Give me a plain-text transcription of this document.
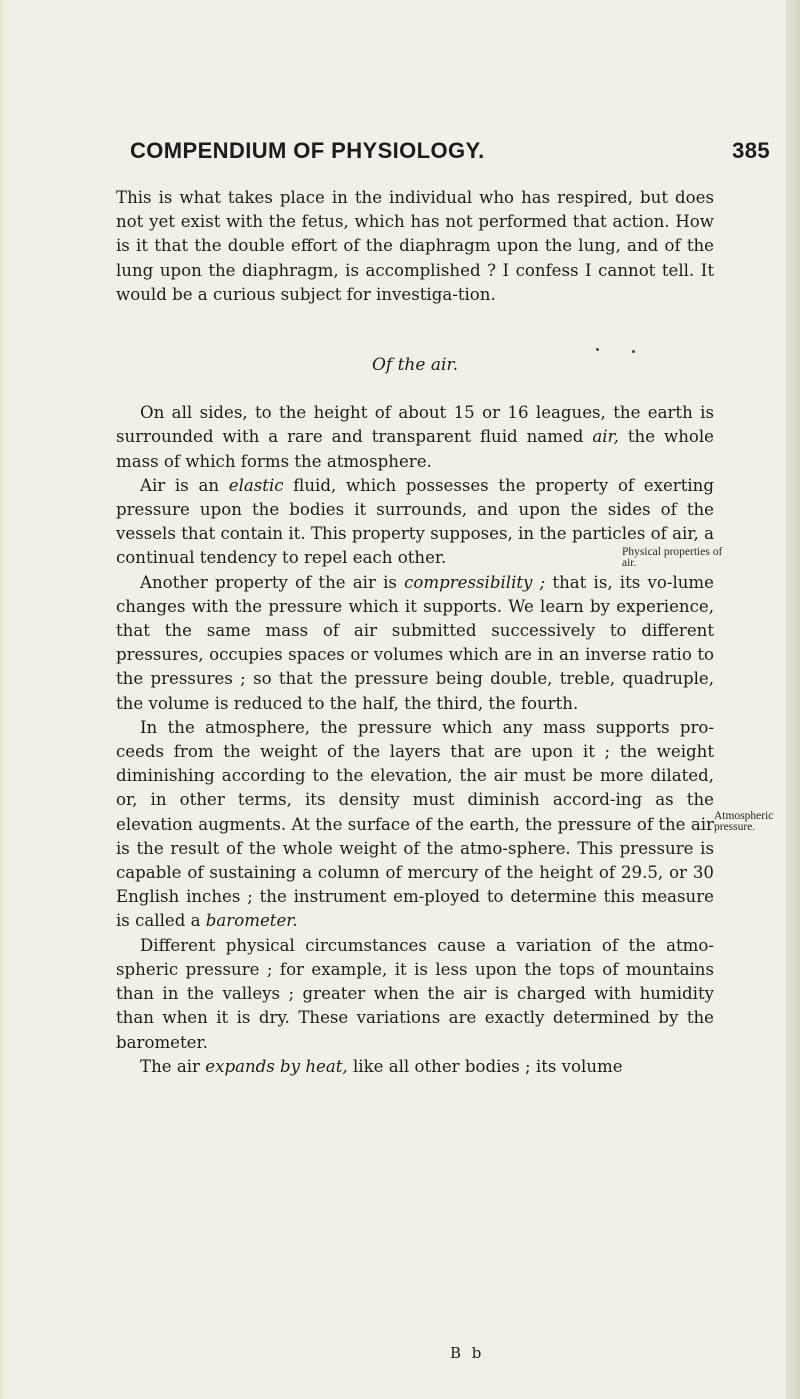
COMPENDIUM OF PHYSIOLOGY.	385

This is what takes place in the individual who has respired, but does not yet exist with the fetus, which has not performed that action. How is it that the double effort of the diaphragm upon the lung, and of the lung upon the diaphragm, is accomplished ? I confess I cannot tell. It would be a curious subject for investiga-tion.

Of the air.

On all sides, to the height of about 15 or 16 leagues, the earth is surrounded with a rare and transparent fluid named air, the whole mass of which forms the atmosphere.

Air is an elastic fluid, which possesses the property of exerting pressure upon the bodies it surrounds, and upon the sides of the vessels that contain it. This property supposes, in the particles of air, a continual tendency to repel each other.

Another property of the air is compressibility ; that is, its vo-lume changes with the pressure which it supports. We learn by experience, that the same mass of air submitted successively to different pressures, occupies spaces or volumes which are in an inverse ratio to the pressures ; so that the pressure being double, treble, quadruple, the volume is reduced to the half, the third, the fourth.

In the atmosphere, the pressure which any mass supports pro-ceeds from the weight of the layers that are upon it ; the weight diminishing according to the elevation, the air must be more dilated, or, in other terms, its density must diminish accord-ing as the elevation augments. At the surface of the earth, the pressure of the air is the result of the whole weight of the atmo-sphere. This pressure is capable of sustaining a column of mercury of the height of 29.5, or 30 English inches ; the instrument em-ployed to determine this measure is called a barometer.

Different physical circumstances cause a variation of the atmo-spheric pressure ; for example, it is less upon the tops of mountains than in the valleys ; greater when the air is charged with humidity than when it is dry. These variations are exactly determined by the barometer.

The air expands by heat, like all other bodies ; its volume

Physical properties of air.
Atmospheric pressure.
B b
